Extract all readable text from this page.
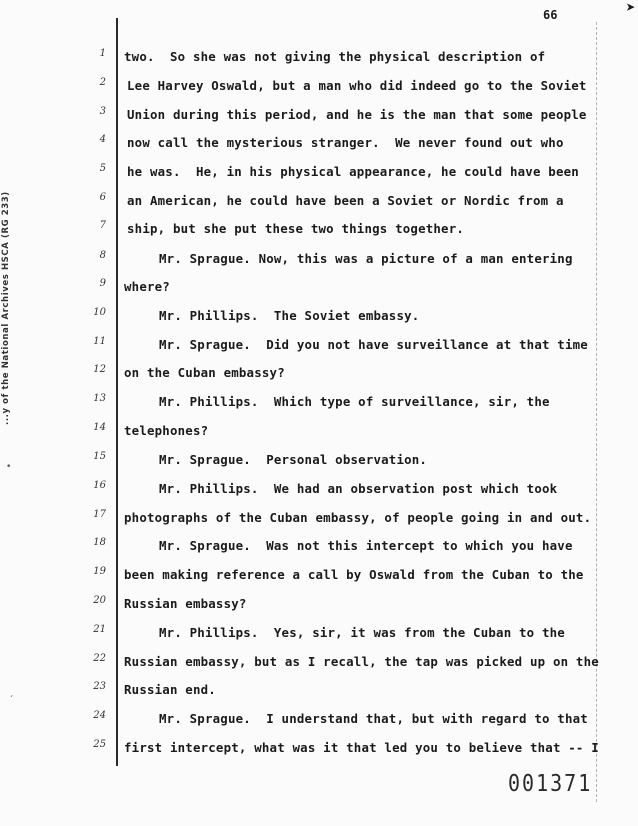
66	➤
...y of the National Archives HSCA (RG 233)
•
ˏ
1 two.  So she was not giving the physical description of
2 Lee Harvey Oswald, but a man who did indeed go to the Soviet
3 Union during this period, and he is the man that some people
4 now call the mysterious stranger.  We never found out who
5 he was.  He, in his physical appearance, he could have been
6 an American, he could have been a Soviet or Nordic from a
7 ship, but she put these two things together.
8	Mr. Sprague. Now, this was a picture of a man entering
9 where?
10	Mr. Phillips.  The Soviet embassy.
11	Mr. Sprague.  Did you not have surveillance at that time
12 on the Cuban embassy?
13	Mr. Phillips.  Which type of surveillance, sir, the
14 telephones?
15	Mr. Sprague.  Personal observation.
16	Mr. Phillips.  We had an observation post which took
17 photographs of the Cuban embassy, of people going in and out.
18	Mr. Sprague.  Was not this intercept to which you have
19 been making reference a call by Oswald from the Cuban to the
20 Russian embassy?
21	Mr. Phillips.  Yes, sir, it was from the Cuban to the
22 Russian embassy, but as I recall, the tap was picked up on the
23 Russian end.
24	Mr. Sprague.  I understand that, but with regard to that
25 first intercept, what was it that led you to believe that -- I
001371
